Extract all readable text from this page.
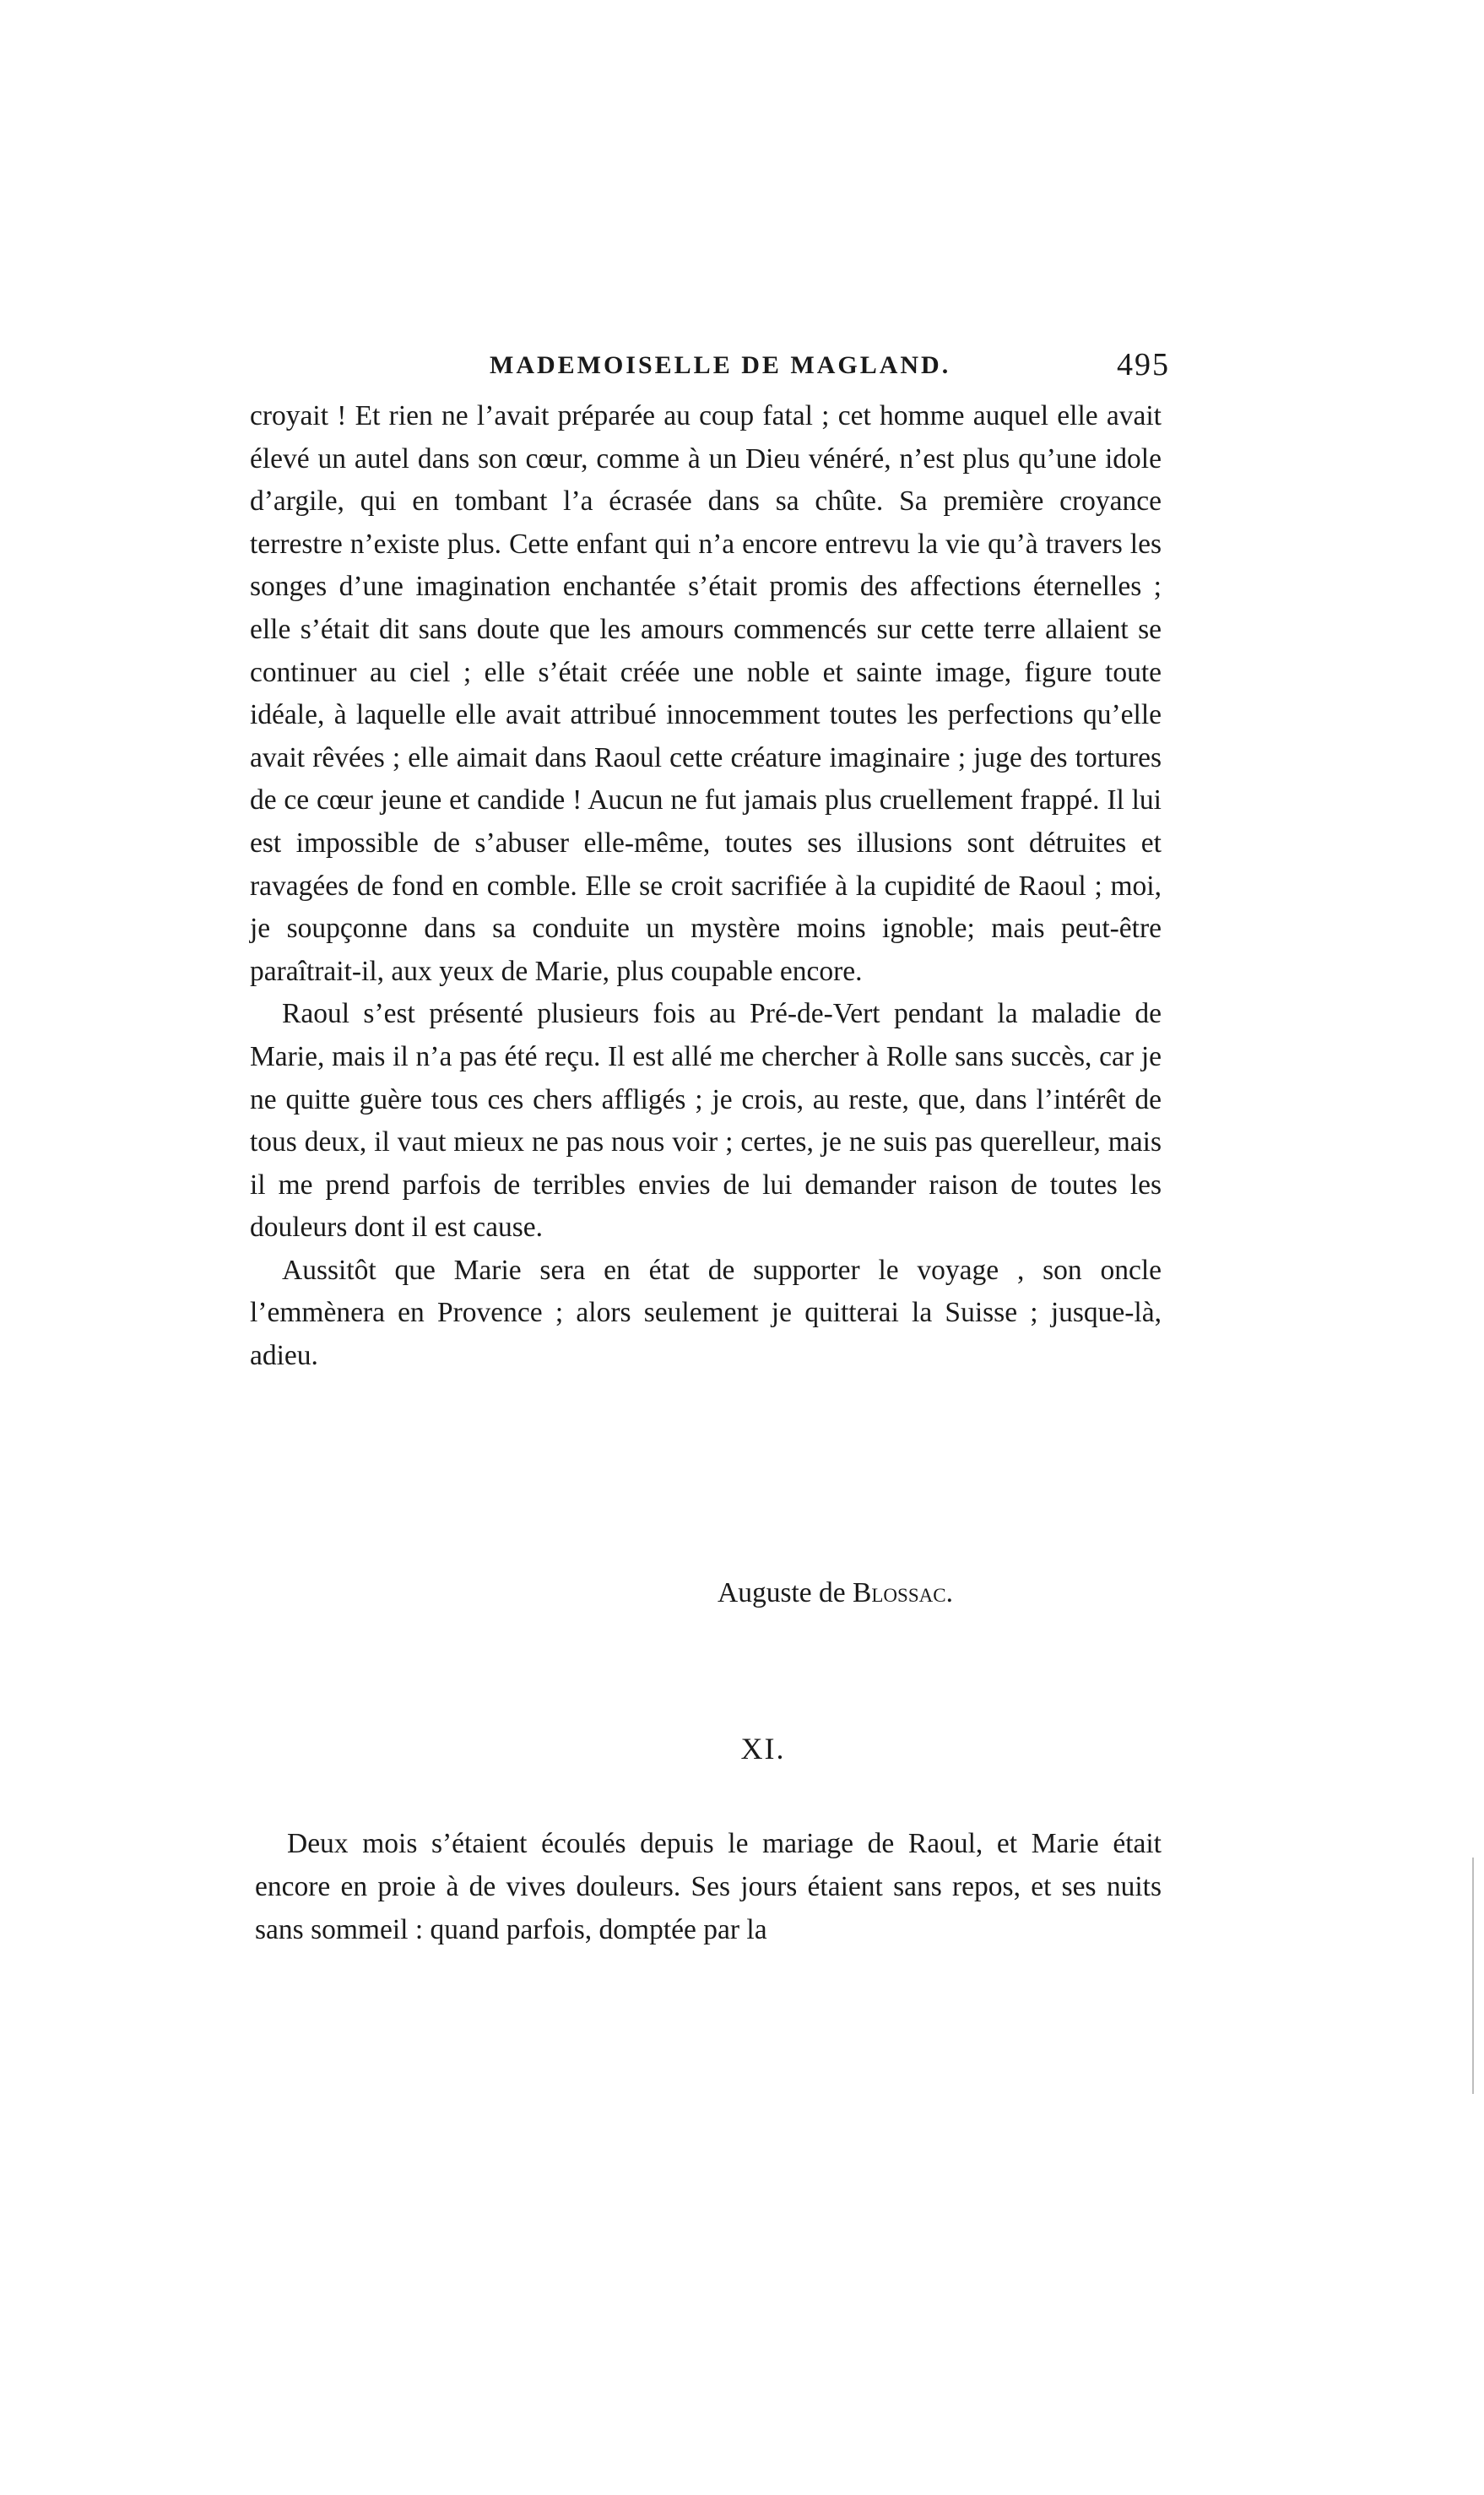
MADEMOISELLE DE MAGLAND.	495

croyait ! Et rien ne l’avait préparée au coup fatal ; cet homme auquel elle avait élevé un autel dans son cœur, comme à un Dieu vénéré, n’est plus qu’une idole d’argile, qui en tombant l’a écrasée dans sa chûte. Sa première croyance terrestre n’existe plus. Cette enfant qui n’a encore entrevu la vie qu’à travers les songes d’une imagination enchantée s’était promis des affections éternelles ; elle s’était dit sans doute que les amours commencés sur cette terre allaient se continuer au ciel ; elle s’était créée une noble et sainte image, figure toute idéale, à laquelle elle avait attribué innocemment toutes les perfections qu’elle avait rêvées ; elle aimait dans Raoul cette créature imaginaire ; juge des tortures de ce cœur jeune et candide ! Aucun ne fut jamais plus cruellement frappé. Il lui est impossible de s’abuser elle-même, toutes ses illusions sont détruites et ravagées de fond en comble. Elle se croit sacrifiée à la cupidité de Raoul ; moi, je soupçonne dans sa conduite un mystère moins ignoble; mais peut-être paraîtrait-il, aux yeux de Marie, plus coupable encore.

Raoul s’est présenté plusieurs fois au Pré-de-Vert pendant la maladie de Marie, mais il n’a pas été reçu. Il est allé me chercher à Rolle sans succès, car je ne quitte guère tous ces chers affligés ; je crois, au reste, que, dans l’intérêt de tous deux, il vaut mieux ne pas nous voir ; certes, je ne suis pas querelleur, mais il me prend parfois de terribles envies de lui demander raison de toutes les douleurs dont il est cause.

Aussitôt que Marie sera en état de supporter le voyage , son oncle l’emmènera en Provence ; alors seulement je quitterai la Suisse ; jusque-là, adieu.

Auguste de Blossac.
XI.

Deux mois s’étaient écoulés depuis le mariage de Raoul, et Marie était encore en proie à de vives douleurs. Ses jours étaient sans repos, et ses nuits sans sommeil : quand parfois, domptée par la
